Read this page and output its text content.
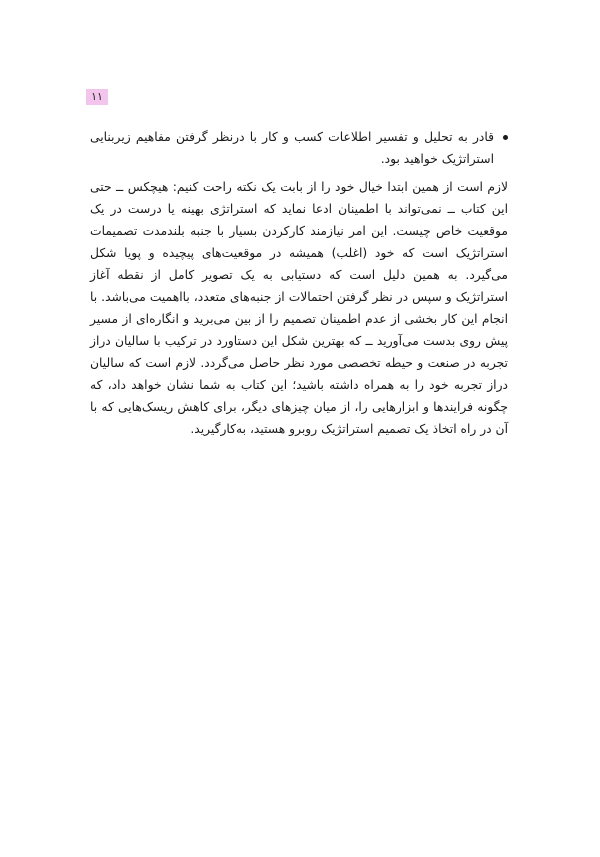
۱۱
قادر به تحلیل و تفسیر اطلاعات کسب و کار با درنظر گرفتن مفاهیم زیربنایی استراتژیک خواهید بود.

لازم است از همین ابتدا خیال خود را از بابت یک نکته راحت کنیم: هیچکس ــ حتی این کتاب ــ نمی‌تواند با اطمینان ادعا نماید که استراتژی بهینه یا درست در یک موقعیت خاص چیست. این امر نیازمند کارکردن بسیار با جنبه بلندمدت تصمیمات استراتژیک است که خود (اغلب) همیشه در موقعیت‌های پیچیده و پویا شکل می‌گیرد. به همین دلیل است که دستیابی به یک تصویر کامل از نقطه آغاز استراتژیک و سپس در نظر گرفتن احتمالات از جنبه‌های متعدد، بااهمیت می‌باشد. با انجام این کار بخشی از عدم اطمینان تصمیم را از بین می‌برید و انگاره‌ای از مسیر پیش روی بدست می‌آورید ــ که بهترین شکل این دستاورد در ترکیب با سالیان دراز تجربه در صنعت و حیطه تخصصی مورد نظر حاصل می‌گردد. لازم است که سالیان دراز تجربه خود را به همراه داشته باشید؛ این کتاب به شما نشان خواهد داد، که چگونه فرایندها و ابزارهایی را، از میان چیزهای دیگر، برای کاهش ریسک‌هایی که با آن در راه اتخاذ یک تصمیم استراتژیک روبرو هستید، به‌کارگیرید.
